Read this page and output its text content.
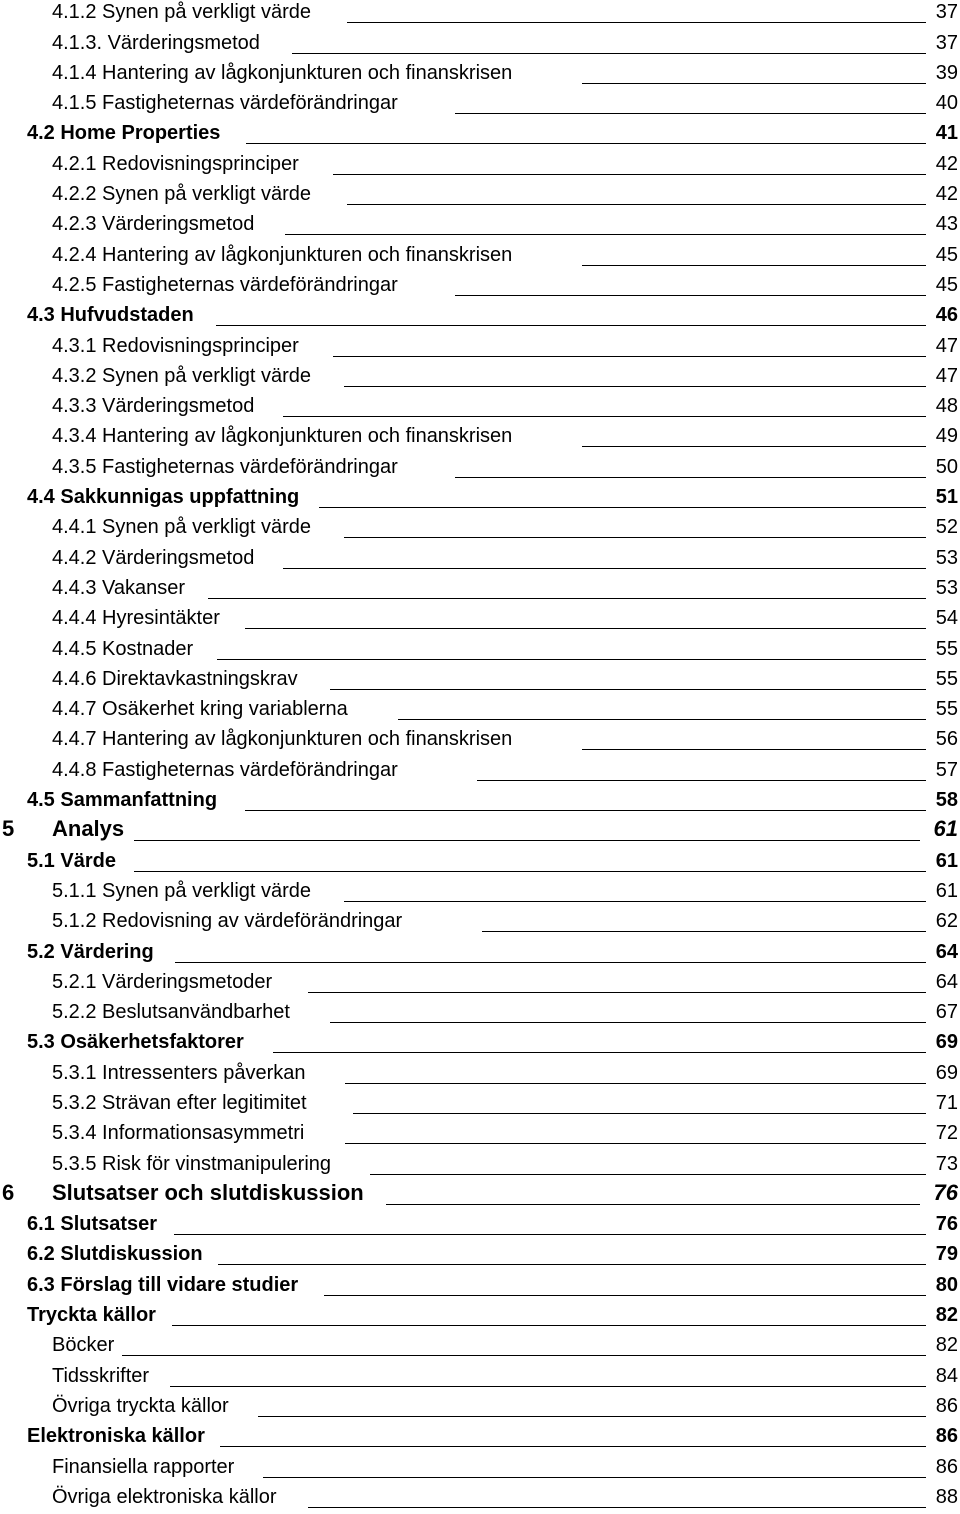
4.1.2 Synen på verkligt värde	37
4.1.3. Värderingsmetod	37
4.1.4 Hantering av lågkonjunkturen och finanskrisen	39
4.1.5 Fastigheternas värdeförändringar	40
4.2 Home Properties	41
4.2.1 Redovisningsprinciper	42
4.2.2 Synen på verkligt värde	42
4.2.3 Värderingsmetod	43
4.2.4 Hantering av lågkonjunkturen och finanskrisen	45
4.2.5 Fastigheternas värdeförändringar	45
4.3 Hufvudstaden	46
4.3.1 Redovisningsprinciper	47
4.3.2 Synen på verkligt värde	47
4.3.3 Värderingsmetod	48
4.3.4 Hantering av lågkonjunkturen och finanskrisen	49
4.3.5 Fastigheternas värdeförändringar	50
4.4 Sakkunnigas uppfattning	51
4.4.1 Synen på verkligt värde	52
4.4.2 Värderingsmetod	53
4.4.3 Vakanser	53
4.4.4 Hyresintäkter	54
4.4.5 Kostnader	55
4.4.6 Direktavkastningskrav	55
4.4.7 Osäkerhet kring variablerna	55
4.4.7 Hantering av lågkonjunkturen och finanskrisen	56
4.4.8 Fastigheternas värdeförändringar	57
4.5 Sammanfattning	58
5 Analys	61
5.1 Värde	61
5.1.1 Synen på verkligt värde	61
5.1.2 Redovisning av värdeförändringar	62
5.2 Värdering	64
5.2.1 Värderingsmetoder	64
5.2.2 Beslutsanvändbarhet	67
5.3 Osäkerhetsfaktorer	69
5.3.1 Intressenters påverkan	69
5.3.2 Strävan efter legitimitet	71
5.3.4 Informationsasymmetri	72
5.3.5 Risk för vinstmanipulering	73
6 Slutsatser och slutdiskussion	76
6.1 Slutsatser	76
6.2 Slutdiskussion	79
6.3 Förslag till vidare studier	80
Tryckta källor	82
Böcker	82
Tidsskrifter	84
Övriga tryckta källor	86
Elektroniska källor	86
Finansiella rapporter	86
Övriga elektroniska källor	88
